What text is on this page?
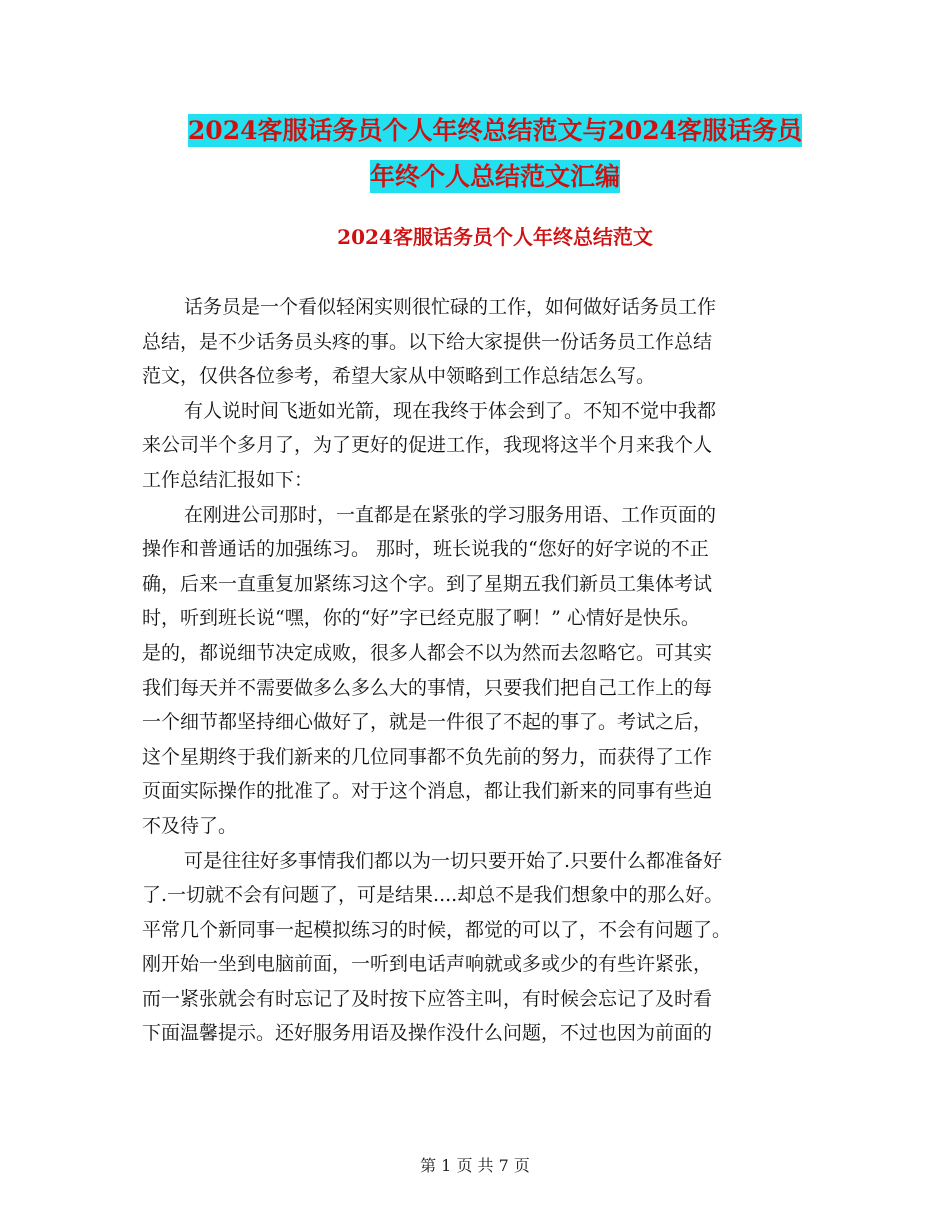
2024客服话务员个人年终总结范文与2024客服话务员
年终个人总结范文汇编
2024客服话务员个人年终总结范文
话务员是一个看似轻闲实则很忙碌的工作，如何做好话务员工作
总结，是不少话务员头疼的事。以下给大家提供一份话务员工作总结
范文，仅供各位参考，希望大家从中领略到工作总结怎么写。
有人说时间飞逝如光箭，现在我终于体会到了。不知不觉中我都
来公司半个多月了，为了更好的促进工作，我现将这半个月来我个人
工作总结汇报如下：
在刚进公司那时，一直都是在紧张的学习服务用语、工作页面的
操作和普通话的加强练习。 那时，班长说我的“您好的好字说的不正
确，后来一直重复加紧练习这个字。到了星期五我们新员工集体考试
时，听到班长说“嘿，你的“好”字已经克服了啊！” 心情好是快乐。
是的，都说细节决定成败，很多人都会不以为然而去忽略它。可其实
我们每天并不需要做多么多么大的事情，只要我们把自己工作上的每
一个细节都坚持细心做好了，就是一件很了不起的事了。考试之后，
这个星期终于我们新来的几位同事都不负先前的努力，而获得了工作
页面实际操作的批准了。对于这个消息，都让我们新来的同事有些迫
不及待了。
可是往往好多事情我们都以为一切只要开始了.只要什么都准备好
了.一切就不会有问题了，可是结果....却总不是我们想象中的那么好。
平常几个新同事一起模拟练习的时候，都觉的可以了，不会有问题了。
刚开始一坐到电脑前面，一听到电话声响就或多或少的有些许紧张，
而一紧张就会有时忘记了及时按下应答主叫，有时候会忘记了及时看
下面温馨提示。还好服务用语及操作没什么问题，不过也因为前面的
第 1 页 共 7 页
